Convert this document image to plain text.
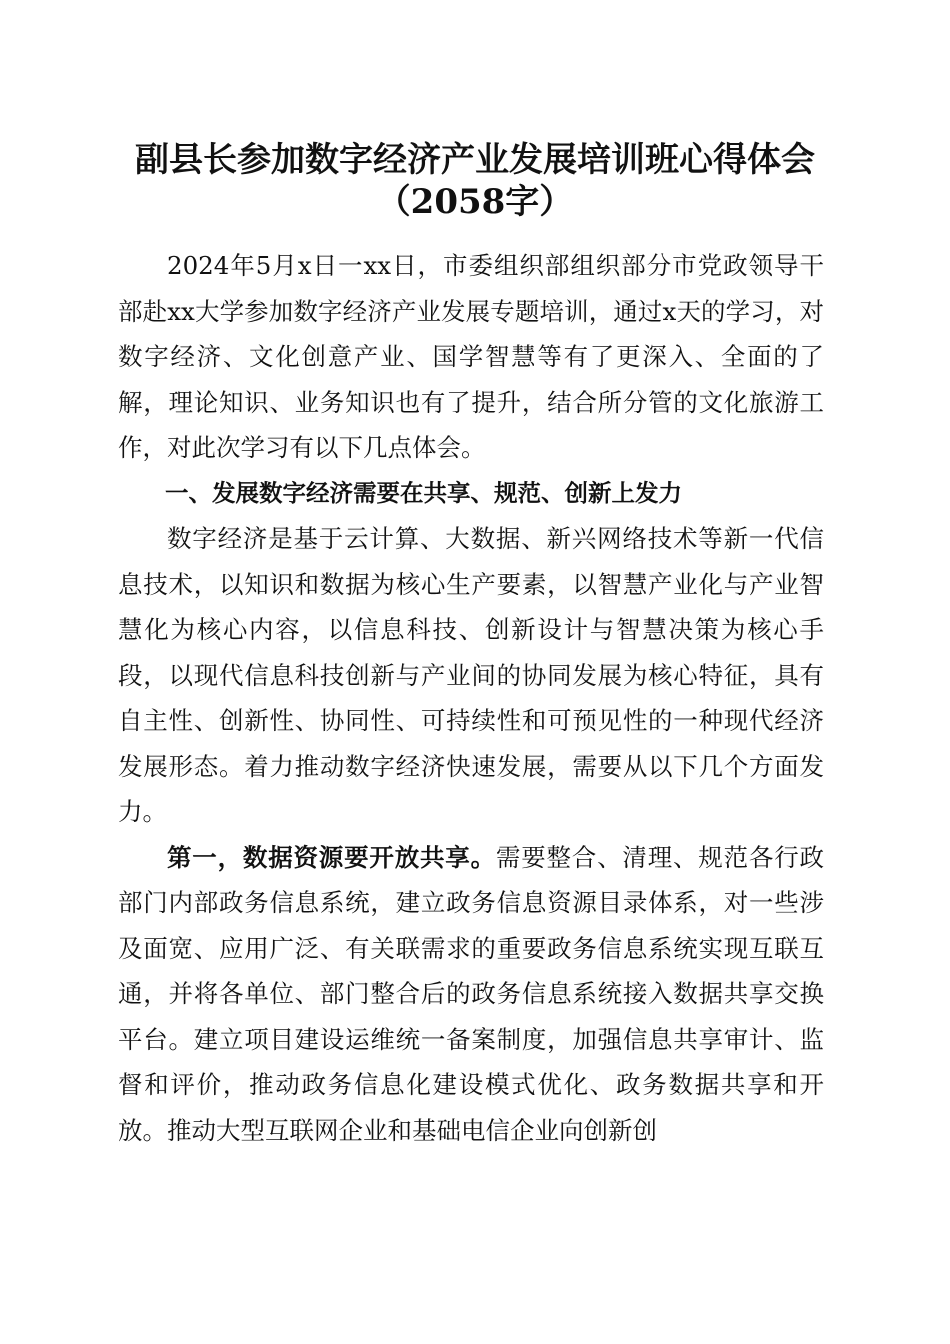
副县长参加数字经济产业发展培训班心得体会
（2058字）

2024年5月x日一xx日，市委组织部组织部分市党政领导干部赴xx大学参加数字经济产业发展专题培训，通过x天的学习，对数字经济、文化创意产业、国学智慧等有了更深入、全面的了解，理论知识、业务知识也有了提升，结合所分管的文化旅游工作，对此次学习有以下几点体会。

一、发展数字经济需要在共享、规范、创新上发力

数字经济是基于云计算、大数据、新兴网络技术等新一代信息技术，以知识和数据为核心生产要素，以智慧产业化与产业智慧化为核心内容，以信息科技、创新设计与智慧决策为核心手段，以现代信息科技创新与产业间的协同发展为核心特征，具有自主性、创新性、协同性、可持续性和可预见性的一种现代经济发展形态。着力推动数字经济快速发展，需要从以下几个方面发力。

第一，数据资源要开放共享。需要整合、清理、规范各行政部门内部政务信息系统，建立政务信息资源目录体系，对一些涉及面宽、应用广泛、有关联需求的重要政务信息系统实现互联互通，并将各单位、部门整合后的政务信息系统接入数据共享交换平台。建立项目建设运维统一备案制度，加强信息共享审计、监督和评价，推动政务信息化建设模式优化、政务数据共享和开放。推动大型互联网企业和基础电信企业向创新创
